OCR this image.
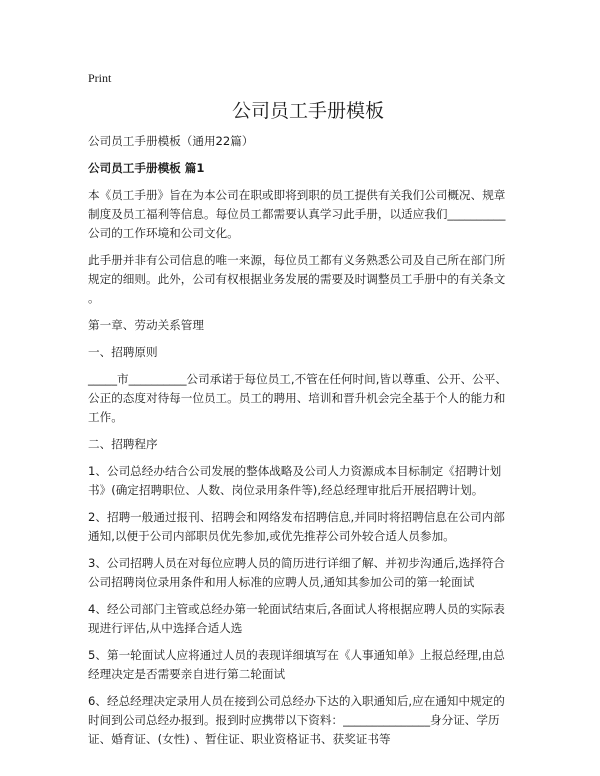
Print
公司员工手册模板
公司员工手册模板（通用22篇）
公司员工手册模板 篇1
本《员工手册》旨在为本公司在职或即将到职的员工提供有关我们公司概况、规章
制度及员工福利等信息。每位员工都需要认真学习此手册，以适应我们__________
公司的工作环境和公司文化。
此手册并非有公司信息的唯一来源，每位员工都有义务熟悉公司及自己所在部门所
规定的细则。此外，公司有权根据业务发展的需要及时调整员工手册中的有关条文
。
第一章、劳动关系管理
一、招聘原则
_____市__________公司承诺于每位员工,不管在任何时间,皆以尊重、公开、公平、
公正的态度对待每一位员工。员工的聘用、培训和晋升机会完全基于个人的能力和
工作。
二、招聘程序
1、公司总经办结合公司发展的整体战略及公司人力资源成本目标制定《招聘计划
书》(确定招聘职位、人数、岗位录用条件等),经总经理审批后开展招聘计划。
2、招聘一般通过报刊、招聘会和网络发布招聘信息,并同时将招聘信息在公司内部
通知,以便于公司内部职员优先参加,或优先推荐公司外较合适人员参加。
3、公司招聘人员在对每位应聘人员的简历进行详细了解、并初步沟通后,选择符合
公司招聘岗位录用条件和用人标准的应聘人员,通知其参加公司的第一轮面试
4、经公司部门主管或总经办第一轮面试结束后,各面试人将根据应聘人员的实际表
现进行评估,从中选择合适人选
5、第一轮面试人应将通过人员的表现详细填写在《人事通知单》上报总经理,由总
经理决定是否需要亲自进行第二轮面试
6、经总经理决定录用人员在接到公司总经办下达的入职通知后,应在通知中规定的
时间到公司总经办报到。报到时应携带以下资料：_______________身分证、学历
证、婚育证、(女性) 、暂住证、职业资格证书、获奖证书等
